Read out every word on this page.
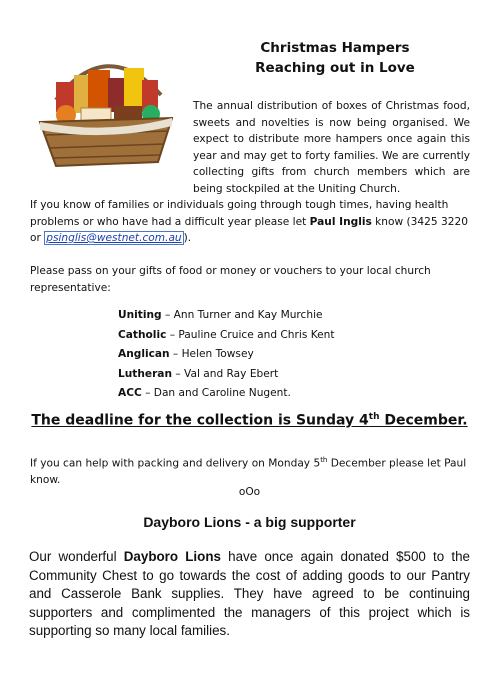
Christmas Hampers
Reaching out in Love
The annual distribution of boxes of Christmas food, sweets and novelties is now being organised. We expect to distribute more hampers once again this year and may get to forty families. We are currently collecting gifts from church members which are being stockpiled at the Uniting Church.
If you know of families or individuals going through tough times, having health problems or who have had a difficult year please let Paul Inglis know (3425 3220 or psinglis@westnet.com.au ).
Please pass on your gifts of food or money or vouchers to your local church representative:
Uniting – Ann Turner and Kay Murchie
Catholic – Pauline Cruice and Chris Kent
Anglican – Helen Towsey
Lutheran – Val and Ray Ebert
ACC – Dan and Caroline Nugent.
The deadline for the collection is Sunday 4th December.
If you can help with packing and delivery on Monday 5th December please let Paul know.
oOo
Dayboro Lions - a big supporter
Our wonderful Dayboro Lions have once again donated $500 to the Community Chest to go towards the cost of adding goods to our Pantry and Casserole Bank supplies. They have agreed to be continuing supporters and complimented the managers of this project which is supporting so many local families.
